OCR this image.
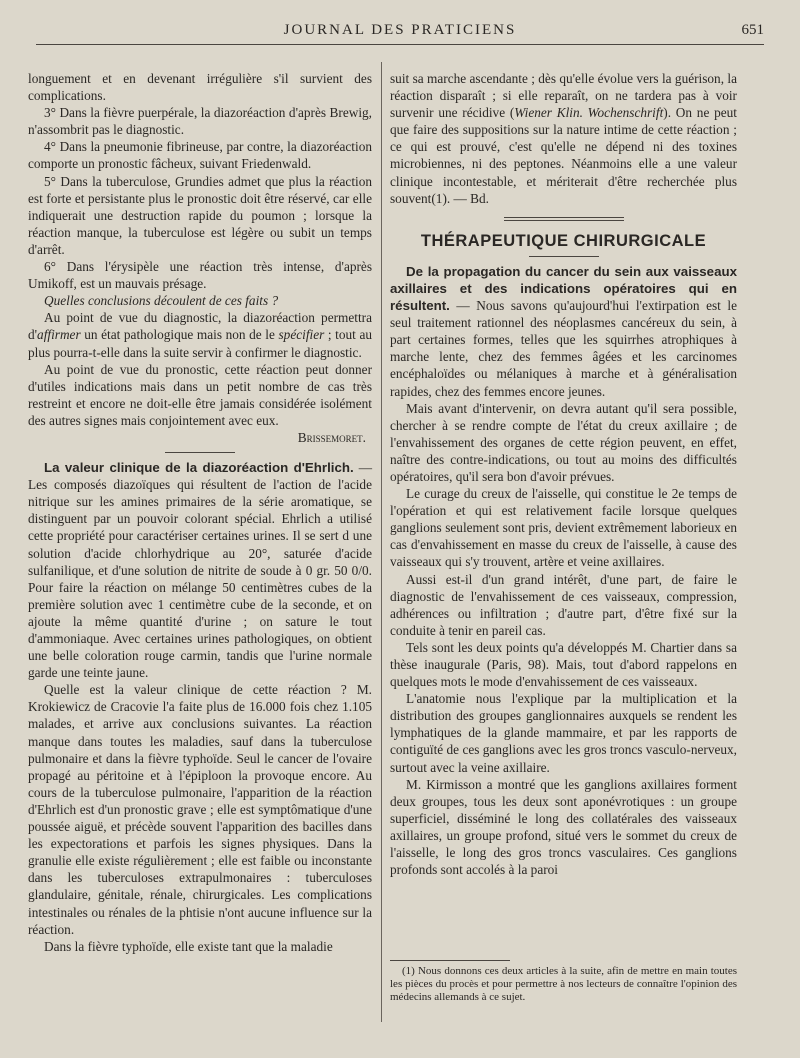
JOURNAL DES PRATICIENS	651

longuement et en devenant irrégulière s'il survient des complications.

3° Dans la fièvre puerpérale, la diazoréaction d'après Brewig, n'assombrit pas le diagnostic.

4° Dans la pneumonie fibrineuse, par contre, la diazoréaction comporte un pronostic fâcheux, suivant Friedenwald.

5° Dans la tuberculose, Grundies admet que plus la réaction est forte et persistante plus le pronostic doit être réservé, car elle indiquerait une destruction rapide du poumon ; lorsque la réaction manque, la tuberculose est légère ou subit un temps d'arrêt.

6° Dans l'érysipèle une réaction très intense, d'après Umikoff, est un mauvais présage.

Quelles conclusions découlent de ces faits ?

Au point de vue du diagnostic, la diazoréaction permettra d'affirmer un état pathologique mais non de le spécifier ; tout au plus pourra-t-elle dans la suite servir à confirmer le diagnostic.

Au point de vue du pronostic, cette réaction peut donner d'utiles indications mais dans un petit nombre de cas très restreint et encore ne doit-elle être jamais considérée isolément des autres signes mais conjointement avec eux.

Brissemoret.

La valeur clinique de la diazoréaction d'Ehrlich. — Les composés diazoïques qui résultent de l'action de l'acide nitrique sur les amines primaires de la série aromatique, se distinguent par un pouvoir colorant spécial. Ehrlich a utilisé cette propriété pour caractériser certaines urines. Il se sert d une solution d'acide chlorhydrique au 20°, saturée d'acide sulfanilique, et d'une solution de nitrite de soude à 0 gr. 50 0/0. Pour faire la réaction on mélange 50 centimètres cubes de la première solution avec 1 centimètre cube de la seconde, et on ajoute la même quantité d'urine ; on sature le tout d'ammoniaque. Avec certaines urines pathologiques, on obtient une belle coloration rouge carmin, tandis que l'urine normale garde une teinte jaune.

Quelle est la valeur clinique de cette réaction ? M. Krokiewicz de Cracovie l'a faite plus de 16.000 fois chez 1.105 malades, et arrive aux conclusions suivantes. La réaction manque dans toutes les maladies, sauf dans la tuberculose pulmonaire et dans la fièvre typhoïde. Seul le cancer de l'ovaire propagé au péritoine et à l'épiploon la provoque encore. Au cours de la tuberculose pulmonaire, l'apparition de la réaction d'Ehrlich est d'un pronostic grave ; elle est symptômatique d'une poussée aiguë, et précède souvent l'apparition des bacilles dans les expectorations et parfois les signes physiques. Dans la granulie elle existe régulièrement ; elle est faible ou inconstante dans les tuberculoses extrapulmonaires : tuberculoses glandulaire, génitale, rénale, chirurgicales. Les complications intestinales ou rénales de la phtisie n'ont aucune influence sur la réaction.

Dans la fièvre typhoïde, elle existe tant que la maladie

suit sa marche ascendante ; dès qu'elle évolue vers la guérison, la réaction disparaît ; si elle reparaît, on ne tardera pas à voir survenir une récidive (Wiener Klin. Wochenschrift). On ne peut que faire des suppositions sur la nature intime de cette réaction ; ce qui est prouvé, c'est qu'elle ne dépend ni des toxines microbiennes, ni des peptones. Néanmoins elle a une valeur clinique incontestable, et mériterait d'être recherchée plus souvent(1). — Bd.

THÉRAPEUTIQUE CHIRURGICALE

De la propagation du cancer du sein aux vaisseaux axillaires et des indications opératoires qui en résultent. — Nous savons qu'aujourd'hui l'extirpation est le seul traitement rationnel des néoplasmes cancéreux du sein, à part certaines formes, telles que les squirrhes atrophiques à marche lente, chez des femmes âgées et les carcinomes encéphaloïdes ou mélaniques à marche et à généralisation rapides, chez des femmes encore jeunes.

Mais avant d'intervenir, on devra autant qu'il sera possible, chercher à se rendre compte de l'état du creux axillaire ; de l'envahissement des organes de cette région peuvent, en effet, naître des contre-indications, ou tout au moins des difficultés opératoires, qu'il sera bon d'avoir prévues.

Le curage du creux de l'aisselle, qui constitue le 2e temps de l'opération et qui est relativement facile lorsque quelques ganglions seulement sont pris, devient extrêmement laborieux en cas d'envahissement en masse du creux de l'aisselle, à cause des vaisseaux qui s'y trouvent, artère et veine axillaires.

Aussi est-il d'un grand intérêt, d'une part, de faire le diagnostic de l'envahissement de ces vaisseaux, compression, adhérences ou infiltration ; d'autre part, d'être fixé sur la conduite à tenir en pareil cas.

Tels sont les deux points qu'a développés M. Chartier dans sa thèse inaugurale (Paris, 98). Mais, tout d'abord rappelons en quelques mots le mode d'envahissement de ces vaisseaux.

L'anatomie nous l'explique par la multiplication et la distribution des groupes ganglionnaires auxquels se rendent les lymphatiques de la glande mammaire, et par les rapports de contiguïté de ces ganglions avec les gros troncs vasculo-nerveux, surtout avec la veine axillaire.

M. Kirmisson a montré que les ganglions axillaires forment deux groupes, tous les deux sont aponévrotiques : un groupe superficiel, disséminé le long des collatérales des vaisseaux axillaires, un groupe profond, situé vers le sommet du creux de l'aisselle, le long des gros troncs vasculaires. Ces ganglions profonds sont accolés à la paroi

(1) Nous donnons ces deux articles à la suite, afin de mettre en main toutes les pièces du procès et pour permettre à nos lecteurs de connaître l'opinion des médecins allemands à ce sujet.
